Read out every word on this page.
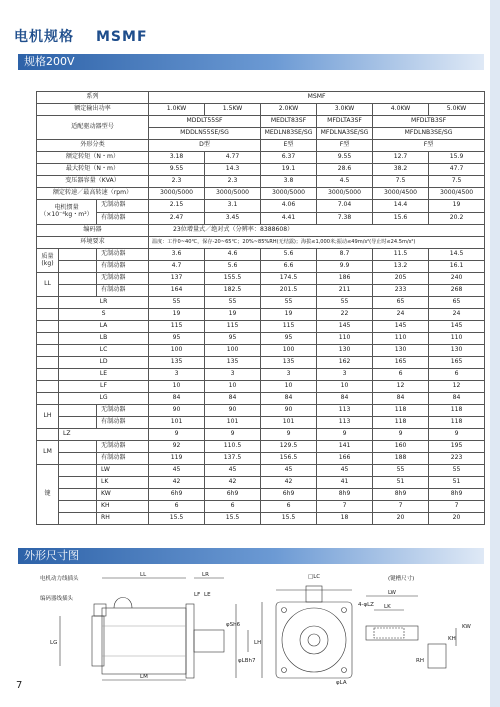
电机规格 MSMF
规格200V
系列			MSMF					
额定输出功率			1.0KW	1.5KW	2.0KW	3.0KW	4.0KW	5.0KW
适配驱动器型号			MDDLT55SF		MEDLT83SF	MFDLTA3SF	MFDLTB3SF	
			MDDLN55SE/SG		MEDLN83SE/SG	MFDLNA3SE/SG	MFDLNB3SE/SG	
外形分类			D型		E型	F型	F型	
额定转矩（N・m）			3.18	4.77	6.37	9.55	12.7	15.9
最大转矩（N・m）			9.55	14.3	19.1	28.6	38.2	47.7
变压器容量（KVA）			2.3	2.3	3.8	4.5	7.5	7.5
额定转速／最高转速（rpm）			3000/5000	3000/5000	3000/5000	3000/5000	3000/4500	3000/4500

电机惯量
（×10⁻⁴kg・m²）		无制动器	2.15	3.1	4.06	7.04	14.4	19
		有制动器	2.47	3.45	4.41	7.38	15.6	20.2
编码器			23位增量式／绝对式（分辨率：8388608）					
环境要求			温度：工作0~40℃，保存-20~65℃；20%~85%RH(无结露)；海拔≤1,000米;振动≤49m/s²(导止时≤24.5m/s²)					

质量
(kg)		无制动器	3.6	4.6	5.6	8.7	11.5	14.5
		有制动器	4.7	5.6	6.6	9.9	13.2	16.1
LL		无制动器	137	155.5	174.5	186	205	240
		有制动器	164	182.5	201.5	211	233	268
	LR		55	55	55	55	65	65
	S		19	19	19	22	24	24
	LA		115	115	115	145	145	145
	LB		95	95	95	110	110	110
	LC		100	100	100	130	130	130
	LD		135	135	135	162	165	165
	LE		3	3	3	3	6	6
	LF		10	10	10	10	12	12
	LG		84	84	84	84	84	84
LH		无制动器	90	90	90	113	118	118
		有制动器	101	101	101	113	118	118
	LZ		9	9	9	9	9	9
LM		无制动器	92	110.5	129.5	141	160	195
		有制动器	119	137.5	156.5	166	188	223
键		LW	45	45	45	45	55	55
		LK	42	42	42	41	51	51
		KW	6h9	6h9	6h9	8h9	8h9	8h9
		KH	6	6	6	7	7	7
		RH	15.5	15.5	15.5	18	20	20
外形尺寸图
电机动力线插头
编码器线插头
(键槽尺寸)
LL	LR
LF LE
LM
LG	LH
□LC
4-φLZ
φLA
φSh6
φLBh7
LW
LK
KW
KH
RH
7
